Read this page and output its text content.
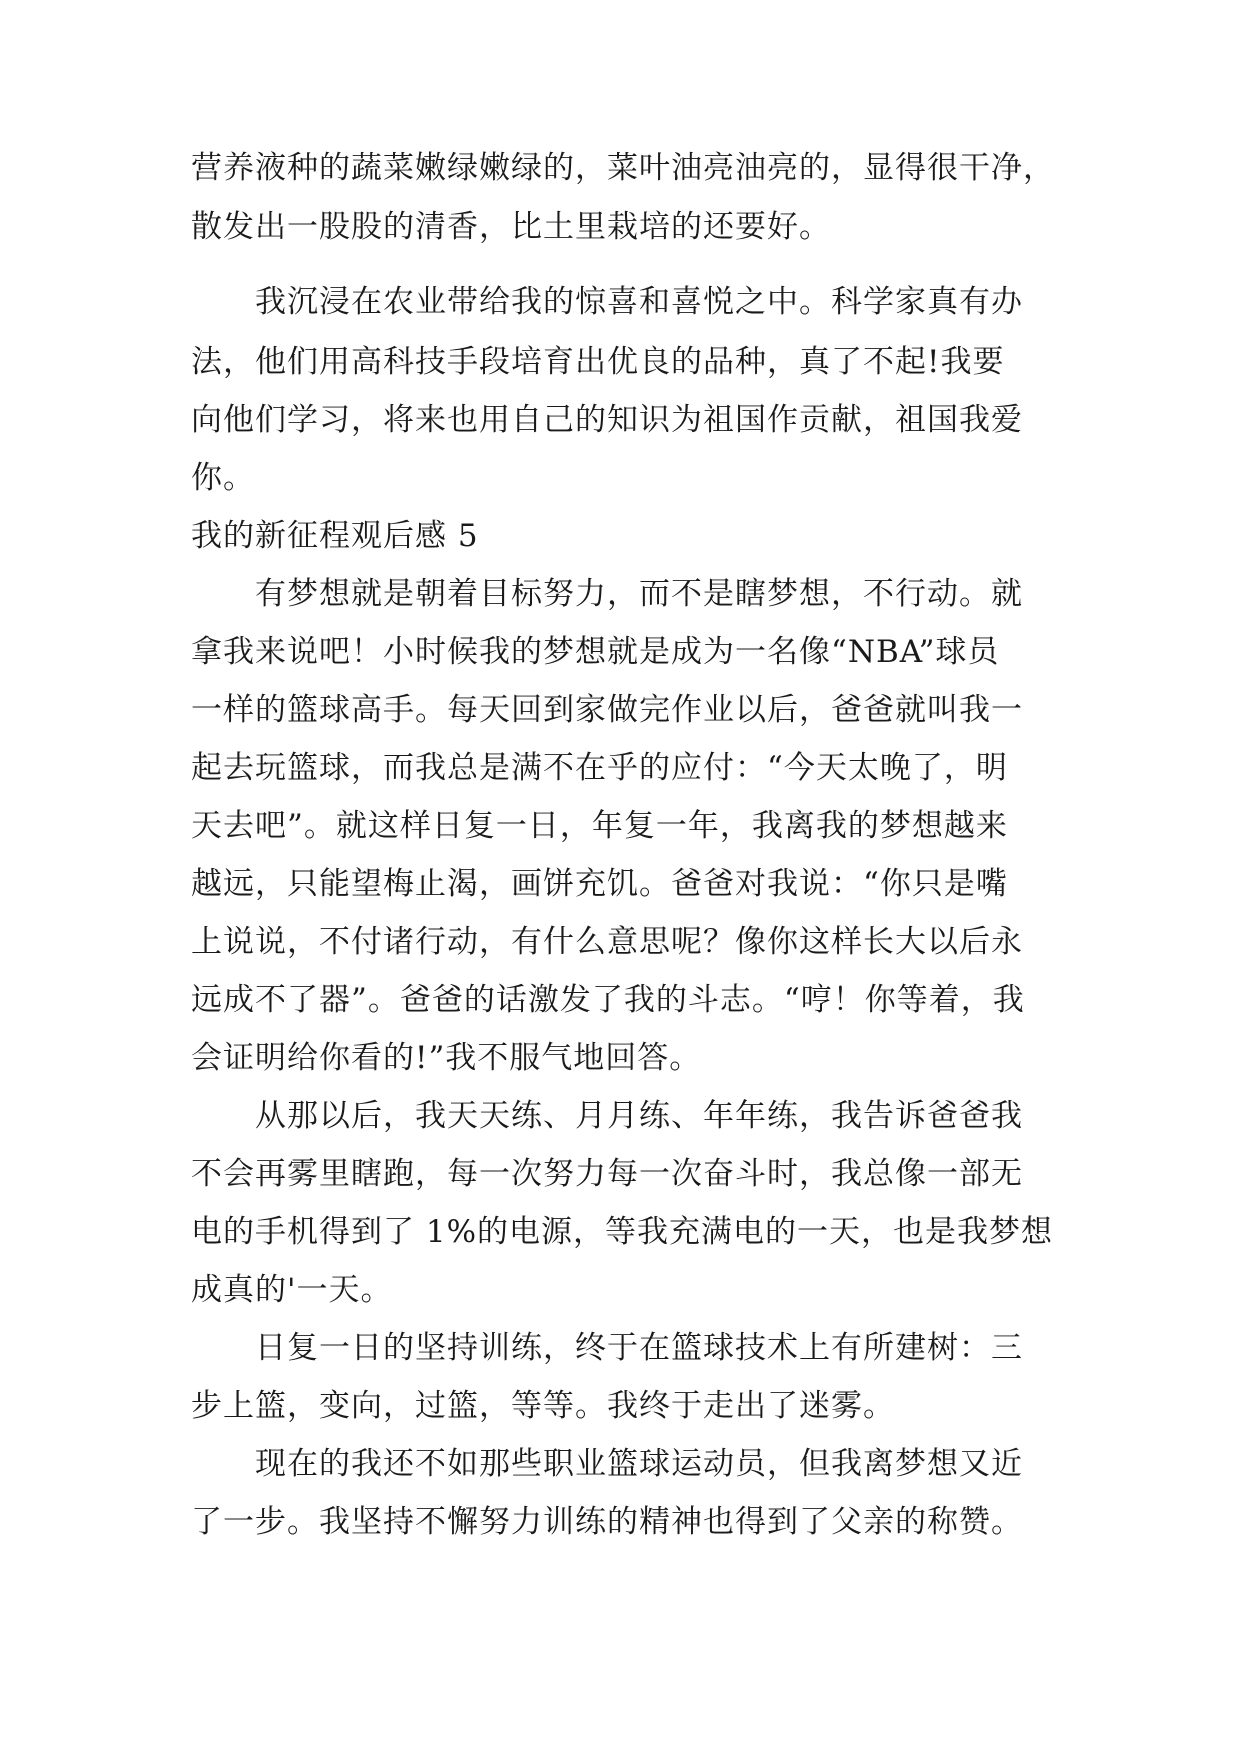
营养液种的蔬菜嫩绿嫩绿的，菜叶油亮油亮的，显得很干净，
散发出一股股的清香，比土里栽培的还要好。
我沉浸在农业带给我的惊喜和喜悦之中。科学家真有办
法，他们用高科技手段培育出优良的品种，真了不起!我要
向他们学习，将来也用自己的知识为祖国作贡献，祖国我爱
你。
我的新征程观后感 5
有梦想就是朝着目标努力，而不是瞎梦想，不行动。就
拿我来说吧！小时候我的梦想就是成为一名像“NBA”球员
一样的篮球高手。每天回到家做完作业以后，爸爸就叫我一
起去玩篮球，而我总是满不在乎的应付：“今天太晚了，明
天去吧”。就这样日复一日，年复一年，我离我的梦想越来
越远，只能望梅止渴，画饼充饥。爸爸对我说：“你只是嘴
上说说，不付诸行动，有什么意思呢？像你这样长大以后永
远成不了器”。爸爸的话激发了我的斗志。“哼！你等着，我
会证明给你看的!”我不服气地回答。
从那以后，我天天练、月月练、年年练，我告诉爸爸我
不会再雾里瞎跑，每一次努力每一次奋斗时，我总像一部无
电的手机得到了 1%的电源，等我充满电的一天，也是我梦想
成真的'一天。
日复一日的坚持训练，终于在篮球技术上有所建树：三
步上篮，变向，过篮，等等。我终于走出了迷雾。
现在的我还不如那些职业篮球运动员，但我离梦想又近
了一步。我坚持不懈努力训练的精神也得到了父亲的称赞。
